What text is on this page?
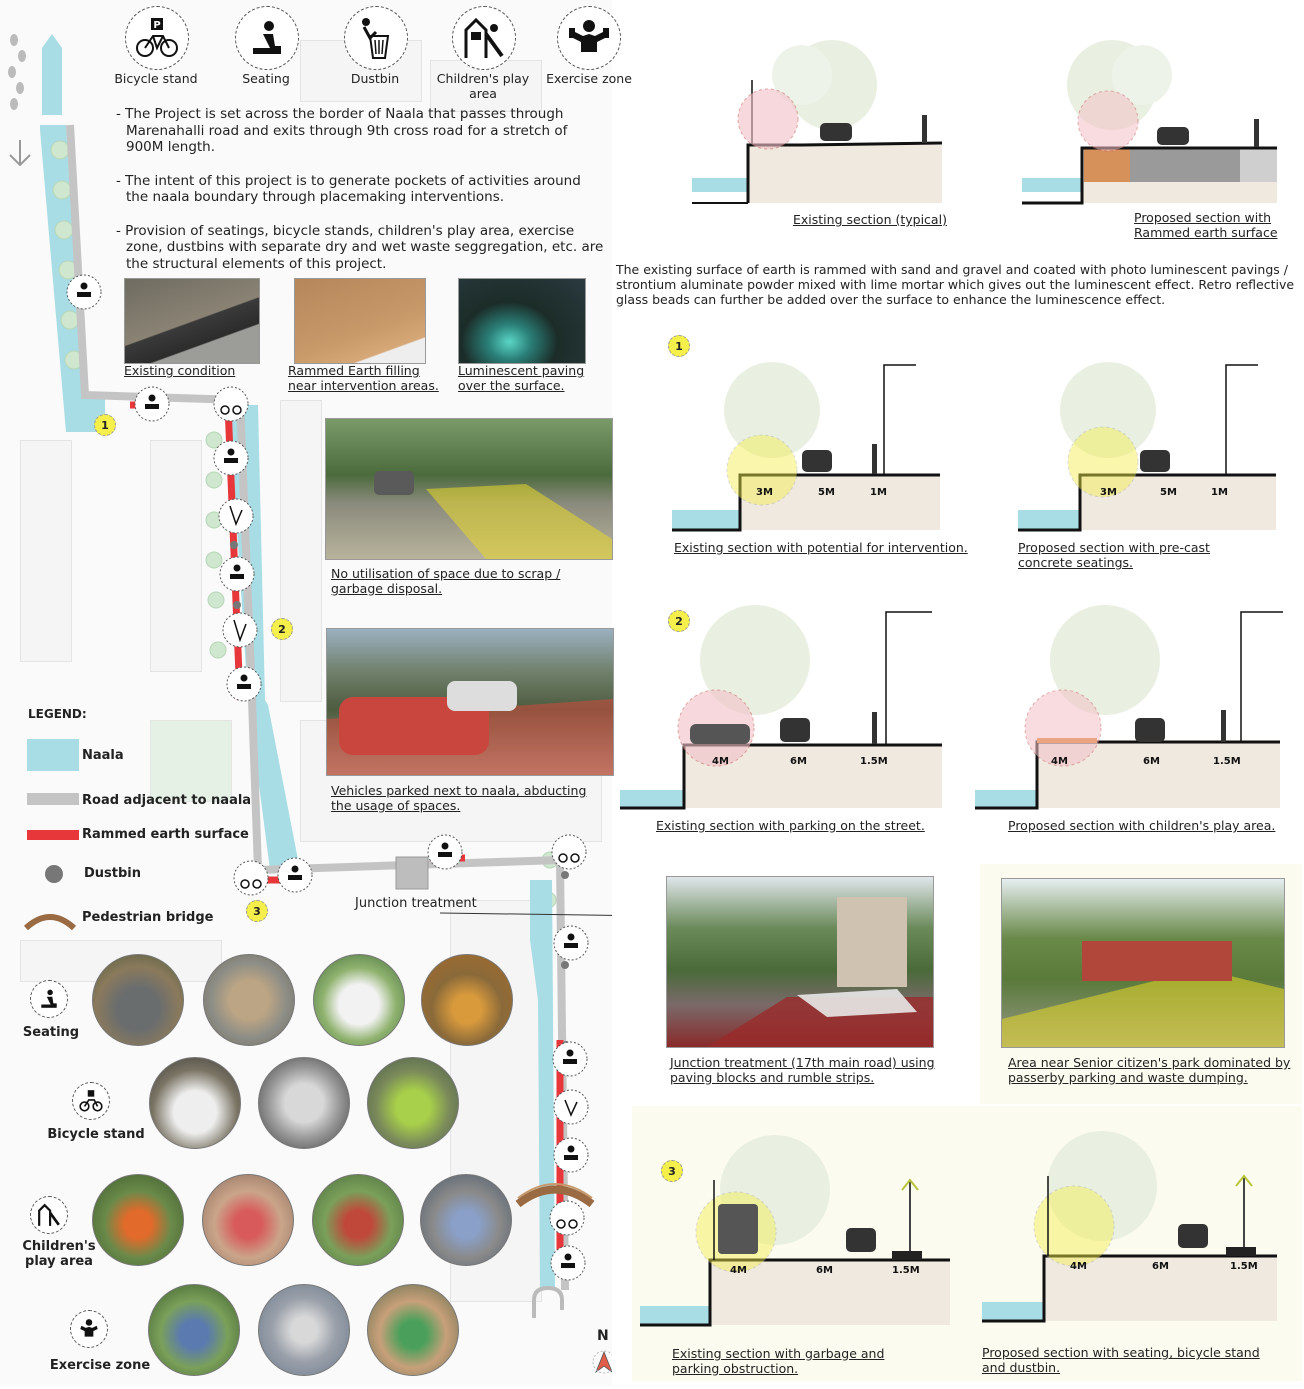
P
Bicycle stand	Seating	Dustbin	Children's play area
Exercise zone

- The Project is set across the border of Naala that passes through Marenahalli road and exits through 9th cross road for a stretch of 900M length.

- The intent of this project is to generate pockets of activities around the naala boundary through placemaking interventions.

- Provision of seatings, bicycle stands, children's play area, exercise zone, dustbins with separate dry and wet waste seggregation, etc. are the structural elements of this project.

Existing condition	Rammed Earth filling near intervention areas.
Luminescent paving over the surface.
No utilisation of space due to scrap / garbage disposal.
Vehicles parked next to naala, abducting the usage of spaces.
Junction treatment
LEGEND:
Naala
Road adjacent to naala
Rammed earth surface
Dustbin
Pedestrian bridge
Seating
Bicycle stand
Children's play area
Exercise zone
1
2
3
N
Existing section (typical)	Proposed section with Rammed earth surface
The existing surface of earth is rammed with sand and gravel and coated with photo luminescent pavings / strontium aluminate powder mixed with lime mortar which gives out the luminescent effect. Retro reflective glass beads can further be added over the surface to enhance the luminescence effect.
1
3M	5M	1M
Existing section with potential for intervention.
3M	5M	1M
Proposed section with pre-cast concrete seatings.
2
4M	6M	1.5M
Existing section with parking on the street.
4M	6M	1.5M
Proposed section with children's play area.
Junction treatment (17th main road) using paving blocks and rumble strips.
Area near Senior citizen's park dominated by passerby parking and waste dumping.
3
4M	6M	1.5M
Existing section with garbage and parking obstruction.
4M	6M	1.5M
Proposed section with seating, bicycle stand and dustbin.
